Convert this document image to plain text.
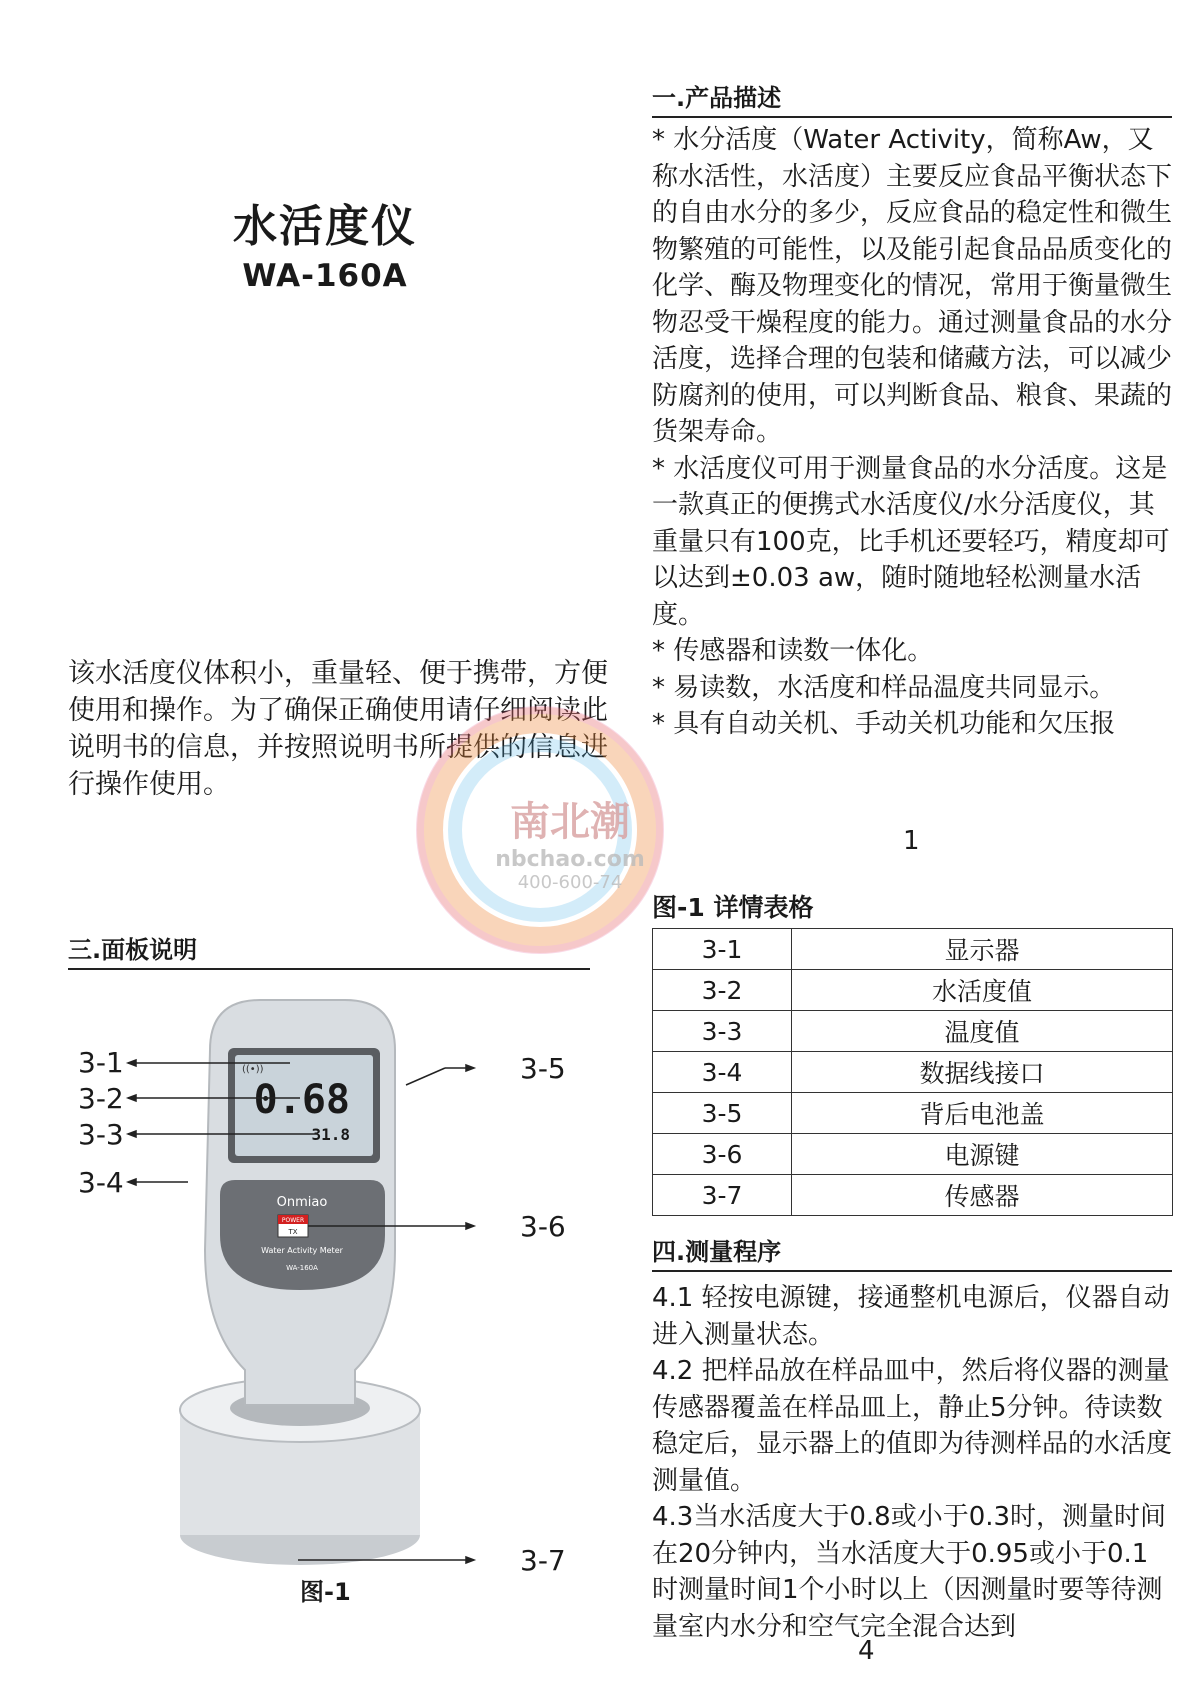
水活度仪
WA-160A
该水活度仪体积小，重量轻、便于携带，方便使用和操作。为了确保正确使用请仔细阅读此说明书的信息，并按照说明书所提供的信息进行操作使用。
南北潮
nbchao.com
400-600-74
三.面板说明
((•))
0.68
31.8
Onmiao
POWER
TX
Water Activity Meter
WA-160A
3-1
3-2
3-3
3-4
3-5
3-6
3-7
图-1
一.产品描述

* 水分活度（Water Activity，简称Aw，又称水活性，水活度）主要反应食品平衡状态下的自由水分的多少，反应食品的稳定性和微生物繁殖的可能性，以及能引起食品品质变化的化学、酶及物理变化的情况，常用于衡量微生物忍受干燥程度的能力。通过测量食品的水分活度，选择合理的包装和储藏方法，可以减少防腐剂的使用，可以判断食品、粮食、果蔬的货架寿命。

* 水活度仪可用于测量食品的水分活度。这是一款真正的便携式水活度仪/水分活度仪，其重量只有100克，比手机还要轻巧，精度却可以达到±0.03 aw，随时随地轻松测量水活度。

* 传感器和读数一体化。

* 易读数，水活度和样品温度共同显示。

* 具有自动关机、手动关机功能和欠压报

1
图-1 详情表格
3-1	显示器
3-2	水活度值
3-3	温度值
3-4	数据线接口
3-5	背后电池盖
3-6	电源键
3-7	传感器
四.测量程序

4.1 轻按电源键，接通整机电源后，仪器自动进入测量状态。

4.2 把样品放在样品皿中，然后将仪器的测量传感器覆盖在样品皿上，静止5分钟。待读数稳定后，显示器上的值即为待测样品的水活度测量值。

4.3当水活度大于0.8或小于0.3时，测量时间在20分钟内，当水活度大于0.95或小于0.1时测量时间1个小时以上（因测量时要等待测量室内水分和空气完全混合达到

4
